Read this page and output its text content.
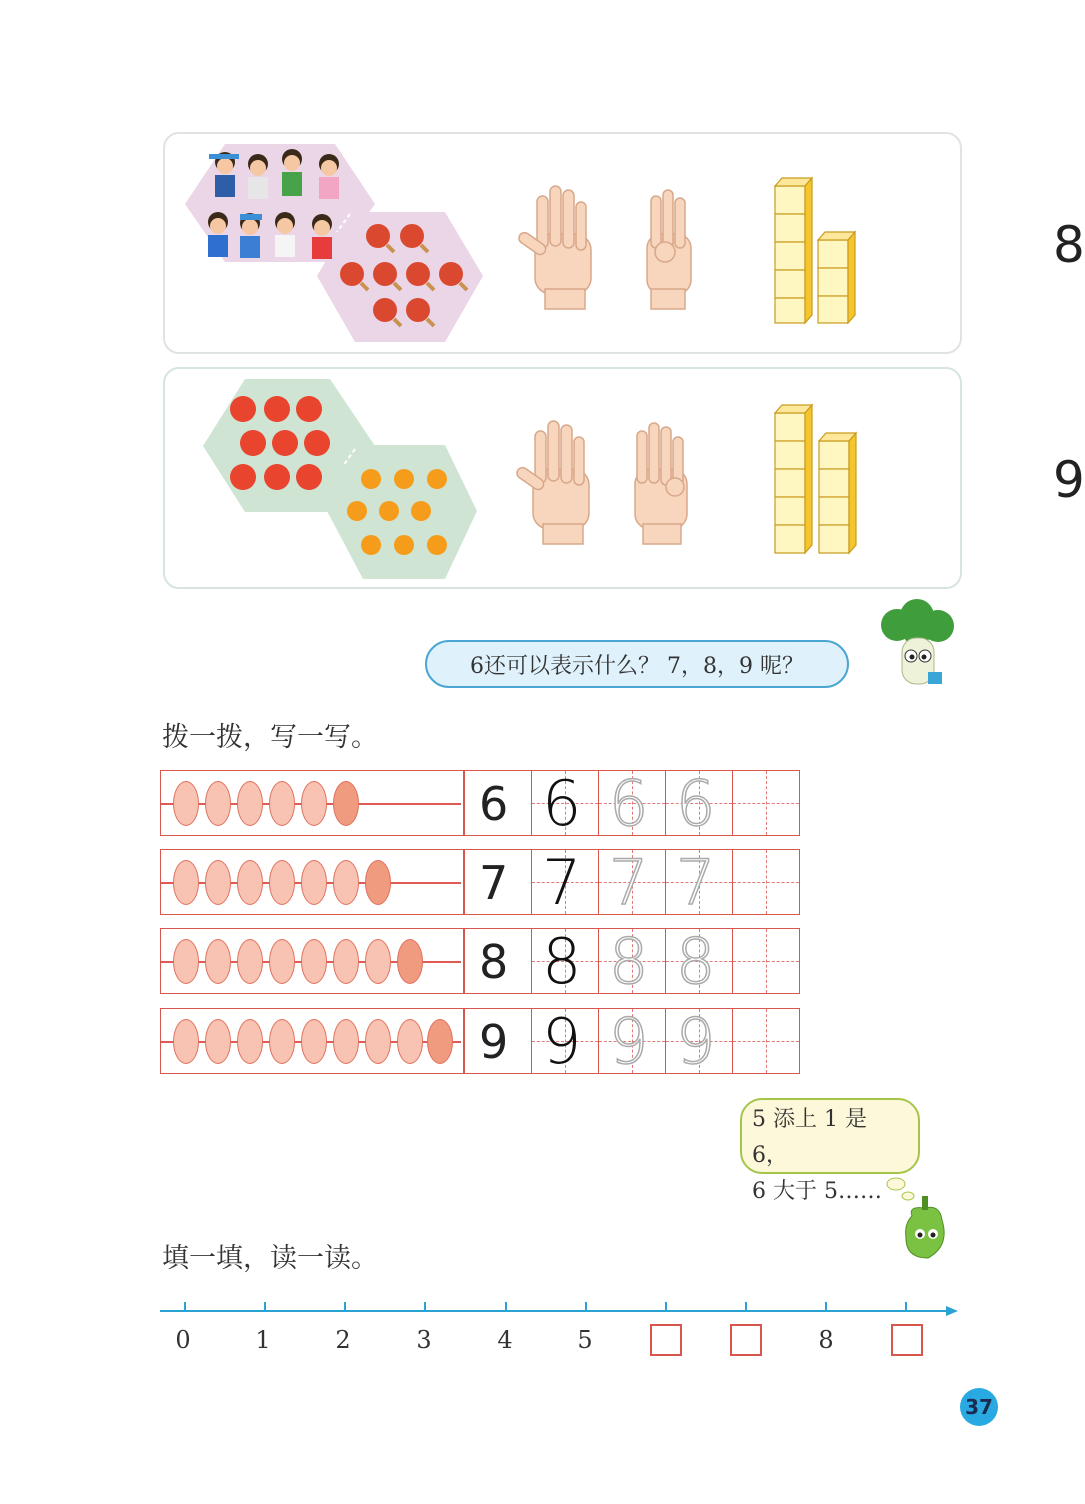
8
9
6还可以表示什么？ 7，8，9 呢？
拨一拨，写一写。
6 6 6 6
7 7 7 7
8 8 8 8
9 9 9 9
5 添上 1 是 6，
6 大于 5……
填一填，读一读。
0	1	2	3	4	5	8
37
